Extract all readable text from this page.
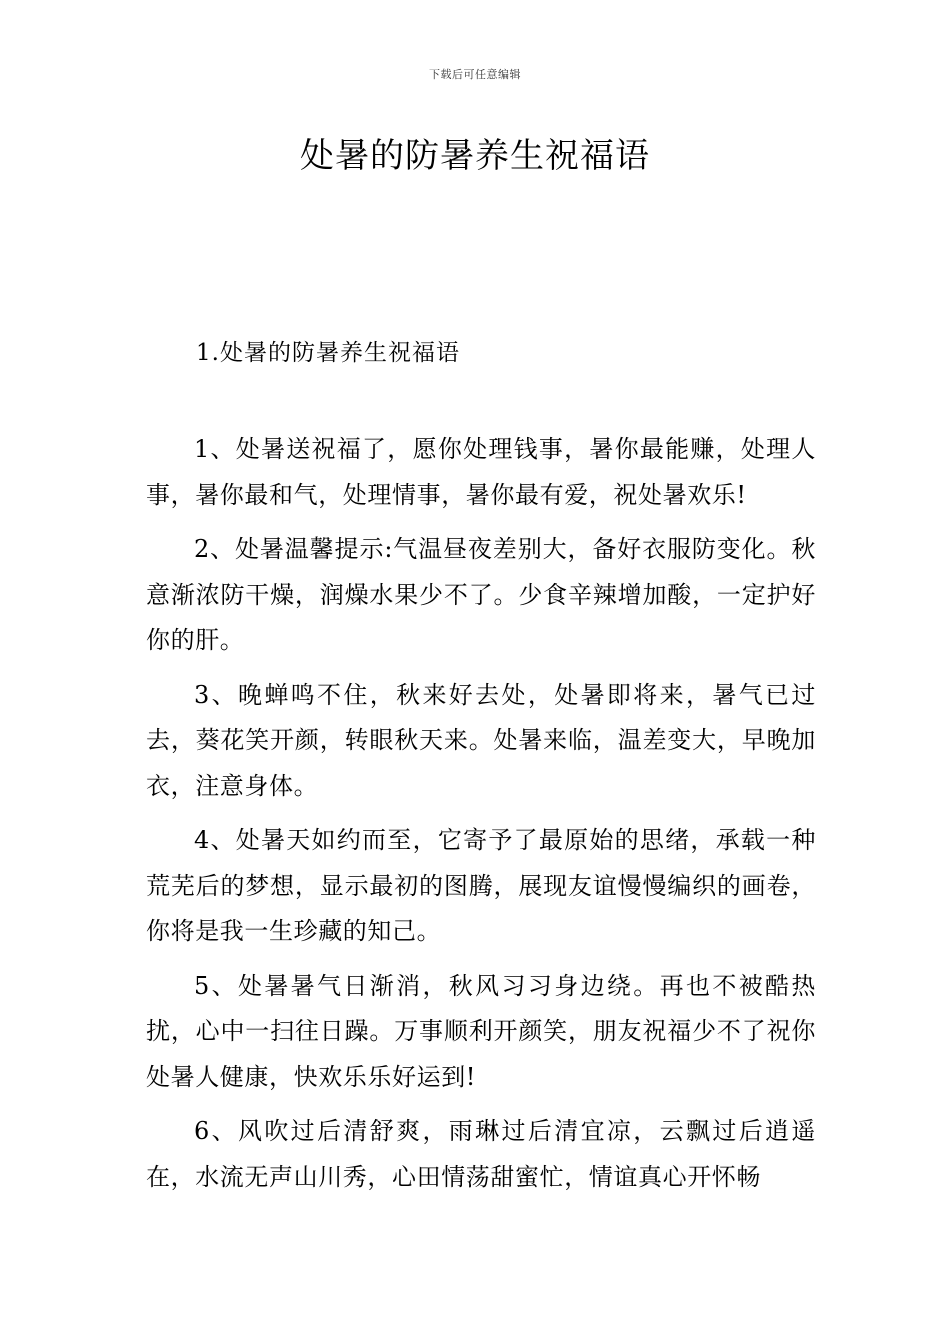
下载后可任意编辑
处暑的防暑养生祝福语
1.处暑的防暑养生祝福语

1、处暑送祝福了，愿你处理钱事，暑你最能赚，处理人事，暑你最和气，处理情事，暑你最有爱，祝处暑欢乐!

2、处暑温馨提示:气温昼夜差别大，备好衣服防变化。秋意渐浓防干燥，润燥水果少不了。少食辛辣增加酸，一定护好你的肝。

3、晚蝉鸣不住，秋来好去处，处暑即将来，暑气已过去，葵花笑开颜，转眼秋天来。处暑来临，温差变大，早晚加衣，注意身体。

4、处暑天如约而至，它寄予了最原始的思绪，承载一种荒芜后的梦想，显示最初的图腾，展现友谊慢慢编织的画卷，你将是我一生珍藏的知己。

5、处暑暑气日渐消，秋风习习身边绕。再也不被酷热扰，心中一扫往日躁。万事顺利开颜笑，朋友祝福少不了祝你处暑人健康，快欢乐乐好运到!

6、风吹过后清舒爽，雨琳过后清宜凉，云飘过后逍遥在，水流无声山川秀，心田情荡甜蜜忙，情谊真心开怀畅
